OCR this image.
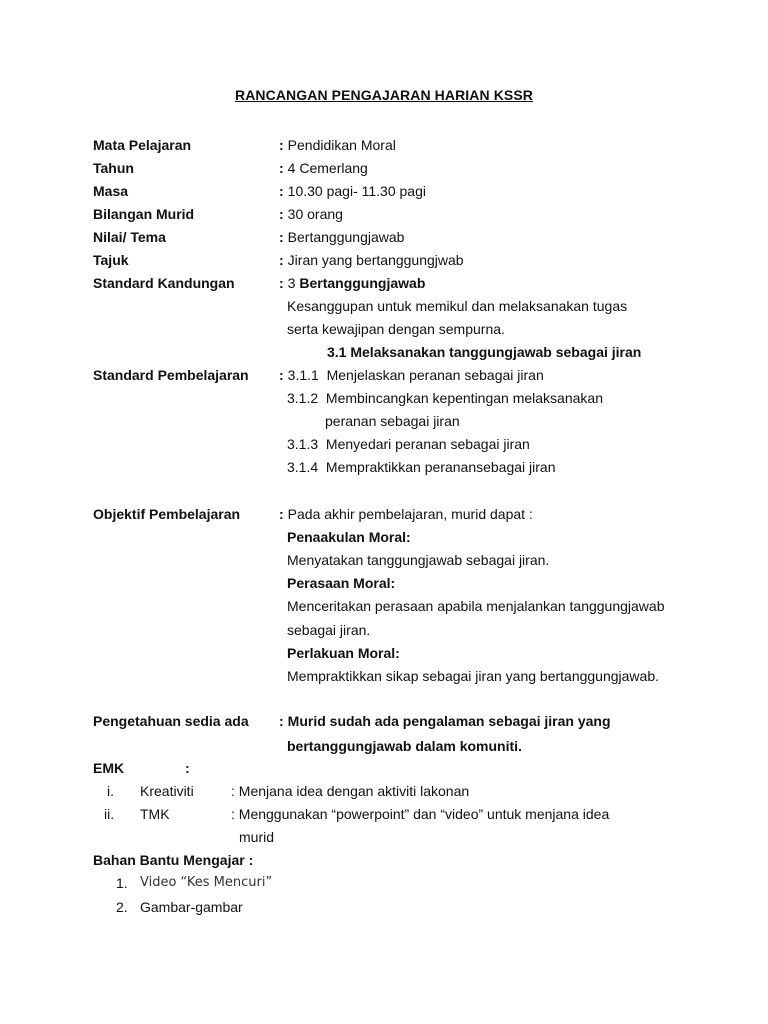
RANCANGAN PENGAJARAN HARIAN KSSR
Mata Pelajaran	: Pendidikan Moral
Tahun	: 4 Cemerlang
Masa	: 10.30 pagi- 11.30 pagi
Bilangan Murid	: 30 orang
Nilai/ Tema	: Bertanggungjawab
Tajuk	: Jiran yang bertanggungjwab
Standard Kandungan	: 3 Bertanggungjawab
Kesanggupan untuk memikul dan melaksanakan tugas
serta kewajipan dengan sempurna.
3.1 Melaksanakan tanggungjawab sebagai jiran
Standard Pembelajaran : 3.1.1 Menjelaskan peranan sebagai jiran
3.1.2 Membincangkan kepentingan melaksanakan
peranan sebagai jiran
3.1.3 Menyedari peranan sebagai jiran
3.1.4 Mempraktikkan peranansebagai jiran
Objektif Pembelajaran	: Pada akhir pembelajaran, murid dapat :
Penaakulan Moral:
Menyatakan tanggungjawab sebagai jiran.
Perasaan Moral:
Menceritakan perasaan apabila menjalankan tanggungjawab
sebagai jiran.
Perlakuan Moral:
Mempraktikkan sikap sebagai jiran yang bertanggungjawab.
Pengetahuan sedia ada : Murid sudah ada pengalaman sebagai jiran yang
bertanggungjawab dalam komuniti.
EMK	:
i. Kreativiti	: Menjana idea dengan aktiviti lakonan
ii. TMK	: Menggunakan “powerpoint” dan “video” untuk menjana idea
murid
Bahan Bantu Mengajar :
1. Video “Kes Mencuri”
2. Gambar-gambar
